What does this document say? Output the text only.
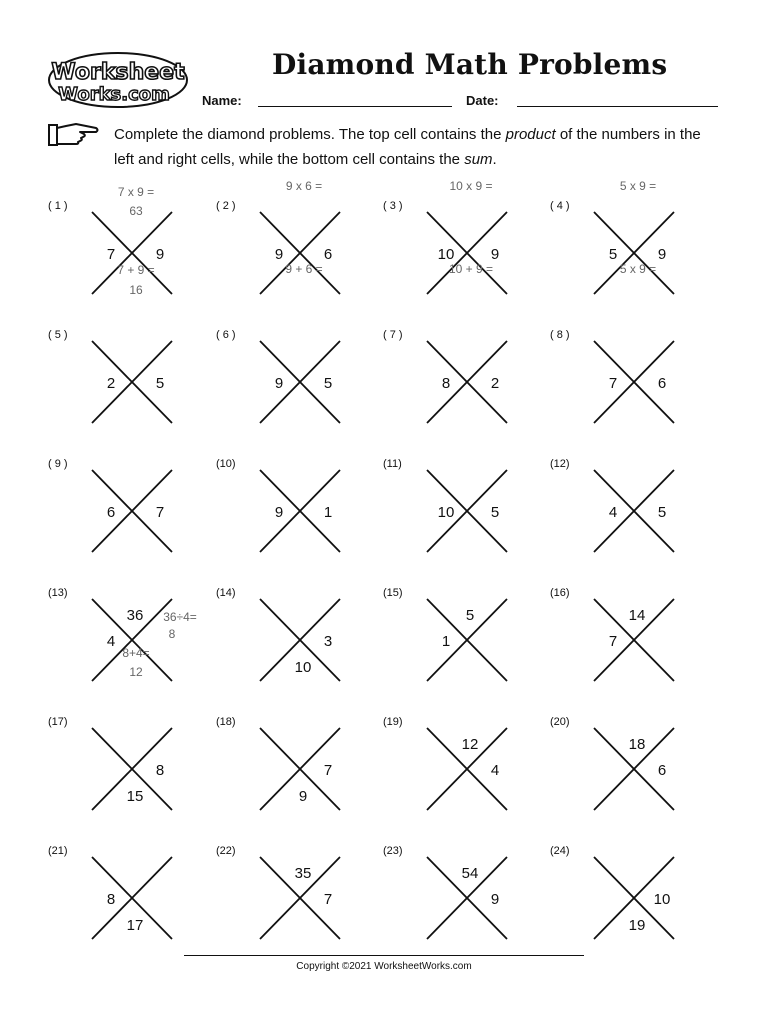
Worksheet
Works.com
Diamond Math Problems
Name:	Date:
Complete the diamond problems. The top cell contains the product of the numbers in the left and right cells, while the bottom cell contains the sum.
( 1 )
7	9
7 x 9 =
63
7 + 9 =
16
( 2 )
9	6
9 x 6 =
9 + 6 =
( 3 )
10	9
10 x 9 =
10 + 9 =
( 4 )
5	9
5 x 9 =
5 x 9 =
( 5 )
2	5
( 6 )
9	5
( 7 )
8	2
( 8 )
7	6
( 9 )
6	7
(10)
9	1
(11)
10	5
(12)
4	5
(13)
4
36	36÷4=
8
8+4=
12
(14)
3
10
(15)
1
5
(16)
7
14
(17)
8
15
(18)
7
9
(19)
4
12
(20)
6
18
(21)
8
17
(22)
7
35
(23)
9
54
(24)
10
19
Copyright ©2021 WorksheetWorks.com
